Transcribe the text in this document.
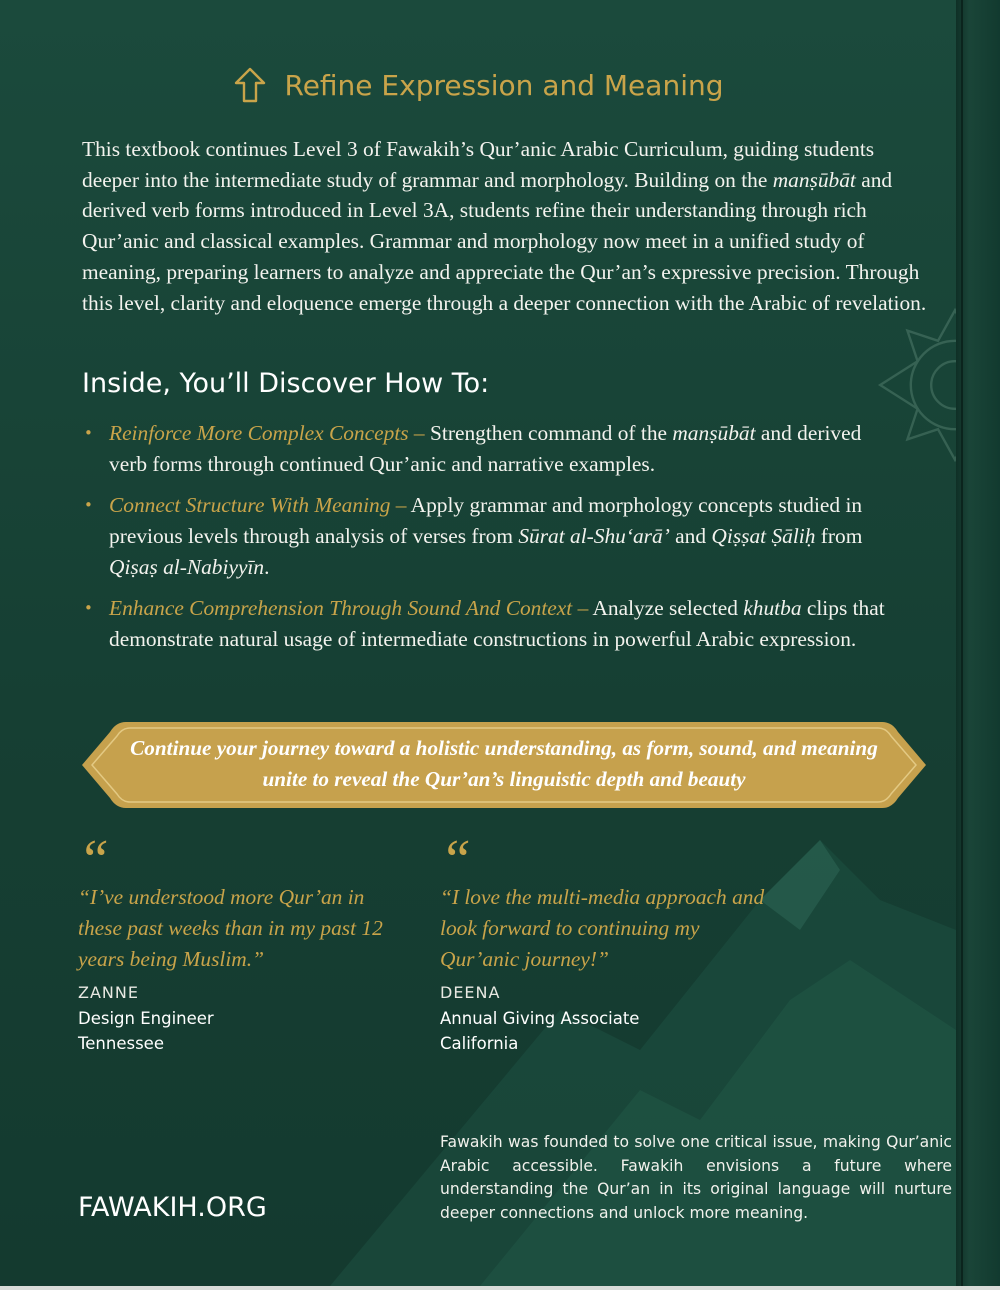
Refine Expression and Meaning
This textbook continues Level 3 of Fawakih’s Qur’anic Arabic Curriculum, guiding students deeper into the intermediate study of grammar and morphology. Building on the manṣūbāt and derived verb forms introduced in Level 3A, students refine their understanding through rich Qur’anic and classical examples. Grammar and morphology now meet in a unified study of meaning, preparing learners to analyze and appreciate the Qur’an’s expressive precision. Through this level, clarity and eloquence emerge through a deeper connection with the Arabic of revelation.
Inside, You’ll Discover How To:
• Reinforce More Complex Concepts – Strengthen command of the manṣūbāt and derived verb forms through continued Qur’anic and narrative examples.
• Connect Structure With Meaning – Apply grammar and morphology concepts studied in previous levels through analysis of verses from Sūrat al-Shu‘arā’ and Qiṣṣat Ṣāliḥ from Qiṣaṣ al-Nabiyyīn.
• Enhance Comprehension Through Sound And Context – Analyze selected khutba clips that demonstrate natural usage of intermediate constructions in powerful Arabic expression.
Continue your journey toward a holistic understanding, as form, sound, and meaning unite to reveal the Qur’an’s linguistic depth and beauty
“
“I’ve understood more Qur’an in these past weeks than in my past 12 years being Muslim.”
ZANNE
Design Engineer
Tennessee
“
“I love the multi-media approach and look forward to continuing my Qur’anic journey!”
DEENA
Annual Giving Associate
California
Fawakih was founded to solve one critical issue, making Qur’anic Arabic accessible. Fawakih envisions a future where understanding the Qur’an in its original language will nurture deeper connections and unlock more meaning.
FAWAKIH.ORG
